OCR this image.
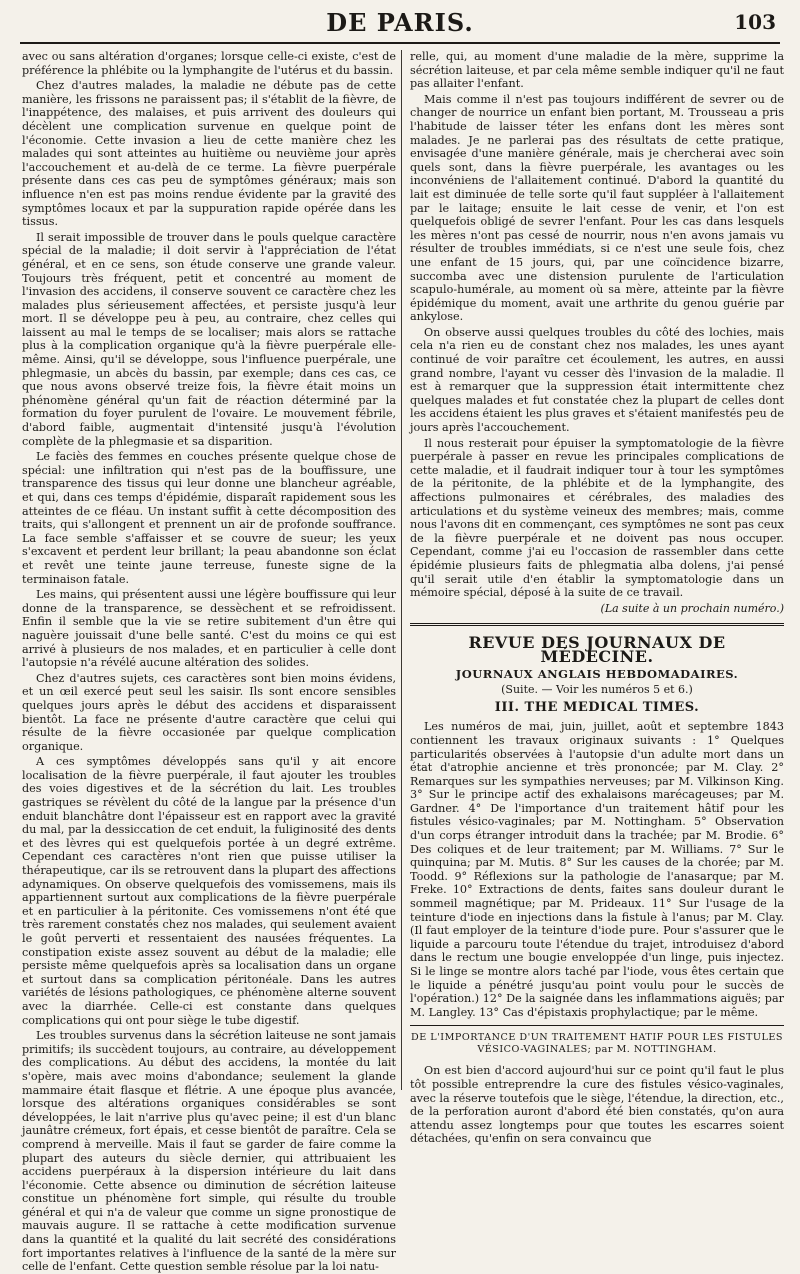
DE PARIS.	103

avec ou sans altération d'organes; lorsque celle-ci existe, c'est de préférence la phlébite ou la lymphangite de l'utérus et du bassin.

Chez d'autres malades, la maladie ne débute pas de cette manière, les frissons ne paraissent pas; il s'établit de la fièvre, de l'inappétence, des malaises, et puis arrivent des douleurs qui décèlent une complication survenue en quelque point de l'économie. Cette invasion a lieu de cette manière chez les malades qui sont atteintes au huitième ou neuvième jour après l'accouchement et au-delà de ce terme. La fièvre puerpérale présente dans ces cas peu de symptômes généraux; mais son influence n'en est pas moins rendue évidente par la gravité des symptômes locaux et par la suppuration rapide opérée dans les tissus.

Il serait impossible de trouver dans le pouls quelque caractère spécial de la maladie; il doit servir à l'appréciation de l'état général, et en ce sens, son étude conserve une grande valeur. Toujours très fréquent, petit et concentré au moment de l'invasion des accidens, il conserve souvent ce caractère chez les malades plus sérieusement affectées, et persiste jusqu'à leur mort. Il se développe peu à peu, au contraire, chez celles qui laissent au mal le temps de se localiser; mais alors se rattache plus à la complication organique qu'à la fièvre puerpérale elle-même. Ainsi, qu'il se développe, sous l'influence puerpérale, une phlegmasie, un abcès du bassin, par exemple; dans ces cas, ce que nous avons observé treize fois, la fièvre était moins un phénomène général qu'un fait de réaction déterminé par la formation du foyer purulent de l'ovaire. Le mouvement fébrile, d'abord faible, augmentait d'intensité jusqu'à l'évolution complète de la phlegmasie et sa disparition.

Le faciès des femmes en couches présente quelque chose de spécial: une infiltration qui n'est pas de la bouffissure, une transparence des tissus qui leur donne une blancheur agréable, et qui, dans ces temps d'épidémie, disparaît rapidement sous les atteintes de ce fléau. Un instant suffit à cette décomposition des traits, qui s'allongent et prennent un air de profonde souffrance. La face semble s'affaisser et se couvre de sueur; les yeux s'excavent et perdent leur brillant; la peau abandonne son éclat et revêt une teinte jaune terreuse, funeste signe de la terminaison fatale.

Les mains, qui présentent aussi une légère bouffissure qui leur donne de la transparence, se dessèchent et se refroidissent. Enfin il semble que la vie se retire subitement d'un être qui naguère jouissait d'une belle santé. C'est du moins ce qui est arrivé à plusieurs de nos malades, et en particulier à celle dont l'autopsie n'a révélé aucune altération des solides.

Chez d'autres sujets, ces caractères sont bien moins évidens, et un œil exercé peut seul les saisir. Ils sont encore sensibles quelques jours après le début des accidens et disparaissent bientôt. La face ne présente d'autre caractère que celui qui résulte de la fièvre occasionée par quelque complication organique.

A ces symptômes développés sans qu'il y ait encore localisation de la fièvre puerpérale, il faut ajouter les troubles des voies digestives et de la sécrétion du lait. Les troubles gastriques se révèlent du côté de la langue par la présence d'un enduit blanchâtre dont l'épaisseur est en rapport avec la gravité du mal, par la dessiccation de cet enduit, la fuliginosité des dents et des lèvres qui est quelquefois portée à un degré extrême. Cependant ces caractères n'ont rien que puisse utiliser la thérapeutique, car ils se retrouvent dans la plupart des affections adynamiques. On observe quelquefois des vomissemens, mais ils appartiennent surtout aux complications de la fièvre puerpérale et en particulier à la péritonite. Ces vomissemens n'ont été que très rarement constatés chez nos malades, qui seulement avaient le goût perverti et ressentaient des nausées fréquentes. La constipation existe assez souvent au début de la maladie; elle persiste même quelquefois après sa localisation dans un organe et surtout dans sa complication péritonéale. Dans les autres variétés de lésions pathologiques, ce phénomène alterne souvent avec la diarrhée. Celle-ci est constante dans quelques complications qui ont pour siège le tube digestif.

Les troubles survenus dans la sécrétion laiteuse ne sont jamais primitifs; ils succèdent toujours, au contraire, au développement des complications. Au début des accidens, la montée du lait s'opère, mais avec moins d'abondance; seulement la glande mammaire était flasque et flétrie. A une époque plus avancée, lorsque des altérations organiques considérables se sont développées, le lait n'arrive plus qu'avec peine; il est d'un blanc jaunâtre crémeux, fort épais, et cesse bientôt de paraître. Cela se comprend à merveille. Mais il faut se garder de faire comme la plupart des auteurs du siècle dernier, qui attribuaient les accidens puerpéraux à la dispersion intérieure du lait dans l'économie. Cette absence ou diminution de sécrétion laiteuse constitue un phénomène fort simple, qui résulte du trouble général et qui n'a de valeur que comme un signe pronostique de mauvais augure. Il se rattache à cette modification survenue dans la quantité et la qualité du lait secrété des considérations fort importantes relatives à l'influence de la santé de la mère sur celle de l'enfant. Cette question semble résolue par la loi natu-

relle, qui, au moment d'une maladie de la mère, supprime la sécrétion laiteuse, et par cela même semble indiquer qu'il ne faut pas allaiter l'enfant.

Mais comme il n'est pas toujours indifférent de sevrer ou de changer de nourrice un enfant bien portant, M. Trousseau a pris l'habitude de laisser téter les enfans dont les mères sont malades. Je ne parlerai pas des résultats de cette pratique, envisagée d'une manière générale, mais je chercherai avec soin quels sont, dans la fièvre puerpérale, les avantages ou les inconvéniens de l'allaitement continué. D'abord la quantité du lait est diminuée de telle sorte qu'il faut suppléer à l'allaitement par le laitage; ensuite le lait cesse de venir, et l'on est quelquefois obligé de sevrer l'enfant. Pour les cas dans lesquels les mères n'ont pas cessé de nourrir, nous n'en avons jamais vu résulter de troubles immédiats, si ce n'est une seule fois, chez une enfant de 15 jours, qui, par une coïncidence bizarre, succomba avec une distension purulente de l'articulation scapulo-humérale, au moment où sa mère, atteinte par la fièvre épidémique du moment, avait une arthrite du genou guérie par ankylose.

On observe aussi quelques troubles du côté des lochies, mais cela n'a rien eu de constant chez nos malades, les unes ayant continué de voir paraître cet écoulement, les autres, en aussi grand nombre, l'ayant vu cesser dès l'invasion de la maladie. Il est à remarquer que la suppression était intermittente chez quelques malades et fut constatée chez la plupart de celles dont les accidens étaient les plus graves et s'étaient manifestés peu de jours après l'accouchement.

Il nous resterait pour épuiser la symptomatologie de la fièvre puerpérale à passer en revue les principales complications de cette maladie, et il faudrait indiquer tour à tour les symptômes de la péritonite, de la phlébite et de la lymphangite, des affections pulmonaires et cérébrales, des maladies des articulations et du système veineux des membres; mais, comme nous l'avons dit en commençant, ces symptômes ne sont pas ceux de la fièvre puerpérale et ne doivent pas nous occuper. Cependant, comme j'ai eu l'occasion de rassembler dans cette épidémie plusieurs faits de phlegmatia alba dolens, j'ai pensé qu'il serait utile d'en établir la symptomatologie dans un mémoire spécial, déposé à la suite de ce travail.

(La suite à un prochain numéro.)
REVUE DES JOURNAUX DE MÉDECINE.
JOURNAUX ANGLAIS HEBDOMADAIRES.
(Suite. — Voir les numéros 5 et 6.)
III. THE MEDICAL TIMES.

Les numéros de mai, juin, juillet, août et septembre 1843 contiennent les travaux originaux suivants : 1° Quelques particularités observées à l'autopsie d'un adulte mort dans un état d'atrophie ancienne et très prononcée; par M. Clay. 2° Remarques sur les sympathies nerveuses; par M. Vilkinson King. 3° Sur le principe actif des exhalaisons marécageuses; par M. Gardner. 4° De l'importance d'un traitement hâtif pour les fistules vésico-vaginales; par M. Nottingham. 5° Observation d'un corps étranger introduit dans la trachée; par M. Brodie. 6° Des coliques et de leur traitement; par M. Williams. 7° Sur le quinquina; par M. Mutis. 8° Sur les causes de la chorée; par M. Toodd. 9° Réflexions sur la pathologie de l'anasarque; par M. Freke. 10° Extractions de dents, faites sans douleur durant le sommeil magnétique; par M. Prideaux. 11° Sur l'usage de la teinture d'iode en injections dans la fistule à l'anus; par M. Clay. (Il faut employer de la teinture d'iode pure. Pour s'assurer que le liquide a parcouru toute l'étendue du trajet, introduisez d'abord dans le rectum une bougie enveloppée d'un linge, puis injectez. Si le linge se montre alors taché par l'iode, vous êtes certain que le liquide a pénétré jusqu'au point voulu pour le succès de l'opération.) 12° De la saignée dans les inflammations aiguës; par M. Langley. 13° Cas d'épistaxis prophylactique; par le même.

DE L'IMPORTANCE D'UN TRAITEMENT HATIF POUR LES FISTULES VÉSICO-VAGINALES; par M. NOTTINGHAM.

On est bien d'accord aujourd'hui sur ce point qu'il faut le plus tôt possible entreprendre la cure des fistules vésico-vaginales, avec la réserve toutefois que le siège, l'étendue, la direction, etc., de la perforation auront d'abord été bien constatés, qu'on aura attendu assez longtemps pour que toutes les escarres soient détachées, qu'enfin on sera convaincu que
